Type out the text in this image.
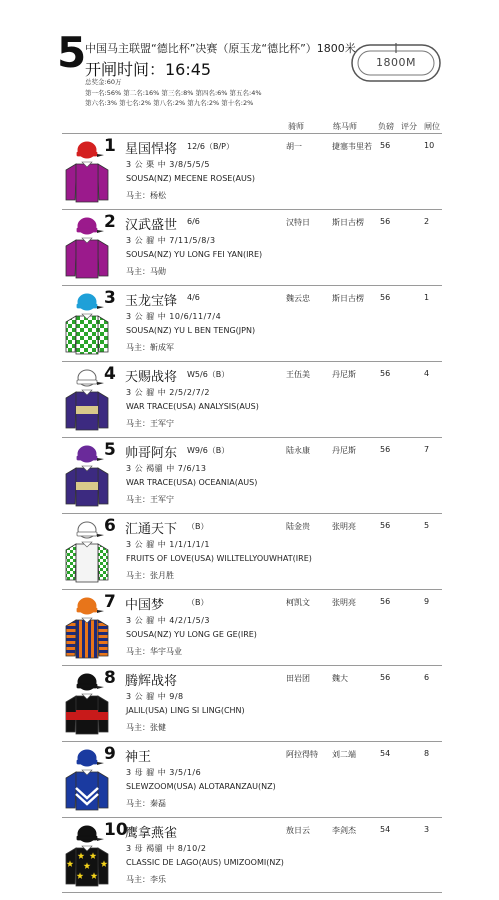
5
中国马主联盟“德比杯”决赛（原玉龙“德比杯”）1800米
开闸时间：16:45
总奖金:60万
第一名:56% 第二名:16% 第三名:8% 第四名:6% 第五名:4%
第六名:3% 第七名:2% 第八名:2% 第九名:2% 第十名:2%
1800M
骑师	练马师	负磅 评分 闸位
1 星国悍将 12/6（B/P）	胡一	捷塞韦里若 56	10
3 公 栗 中 3/8/5/5/5
SOUSA(NZ) MECENE ROSE(AUS)
马主：杨松
2 汉武盛世 6/6	汉特日	斯日古楞 56	2
3 公 骝 中 7/11/5/8/3
SOUSA(NZ) YU LONG FEI YAN(IRE)
马主：马勋
3 玉龙宝锋 4/6	魏云忠	斯日古楞 56	1
3 公 骝 中 10/6/11/7/4
SOUSA(NZ) YU L BEN TENG(JPN)
马主：靳成军
4 天赐战将 W5/6（B）	王伍美	丹尼斯	56	4
3 公 骝 中 2/5/2/7/2
WAR TRACE(USA) ANALYSIS(AUS)
马主：王军宁
5 帅哥阿东 W9/6（B）	陆永康	丹尼斯	56	7
3 公 褐骝 中 7/6/13
WAR TRACE(USA) OCEANIA(AUS)
马主：王军宁
6 汇通天下 （B）	陆金贵	张明亮	56	5
3 公 骝 中 1/1/1/1/1
FRUITS OF LOVE(USA) WILLTELLYOUWHAT(IRE)
马主：张月胜
7 中国梦	（B）	柯凯文	张明亮	56	9
3 公 骝 中 4/2/1/5/3
SOUSA(NZ) YU LONG GE GE(IRE)
马主：华宇马业
8 腾辉战将	田岩团	魏大	56	6
3 公 骝 中 9/8
JALIL(USA) LING SI LING(CHN)
马主：张健
9 神王	阿拉得特 刘二端	54	8
3 母 骝 中 3/5/1/6
SLEWZOOM(USA) ALOTARANZAU(NZ)
马主：秦磊
10
鹰拿燕雀	敖日云	李剑杰	54	3
3 母 褐骝 中 8/10/2
CLASSIC DE LAGO(AUS) UMIZOOMI(NZ)
马主：李乐
